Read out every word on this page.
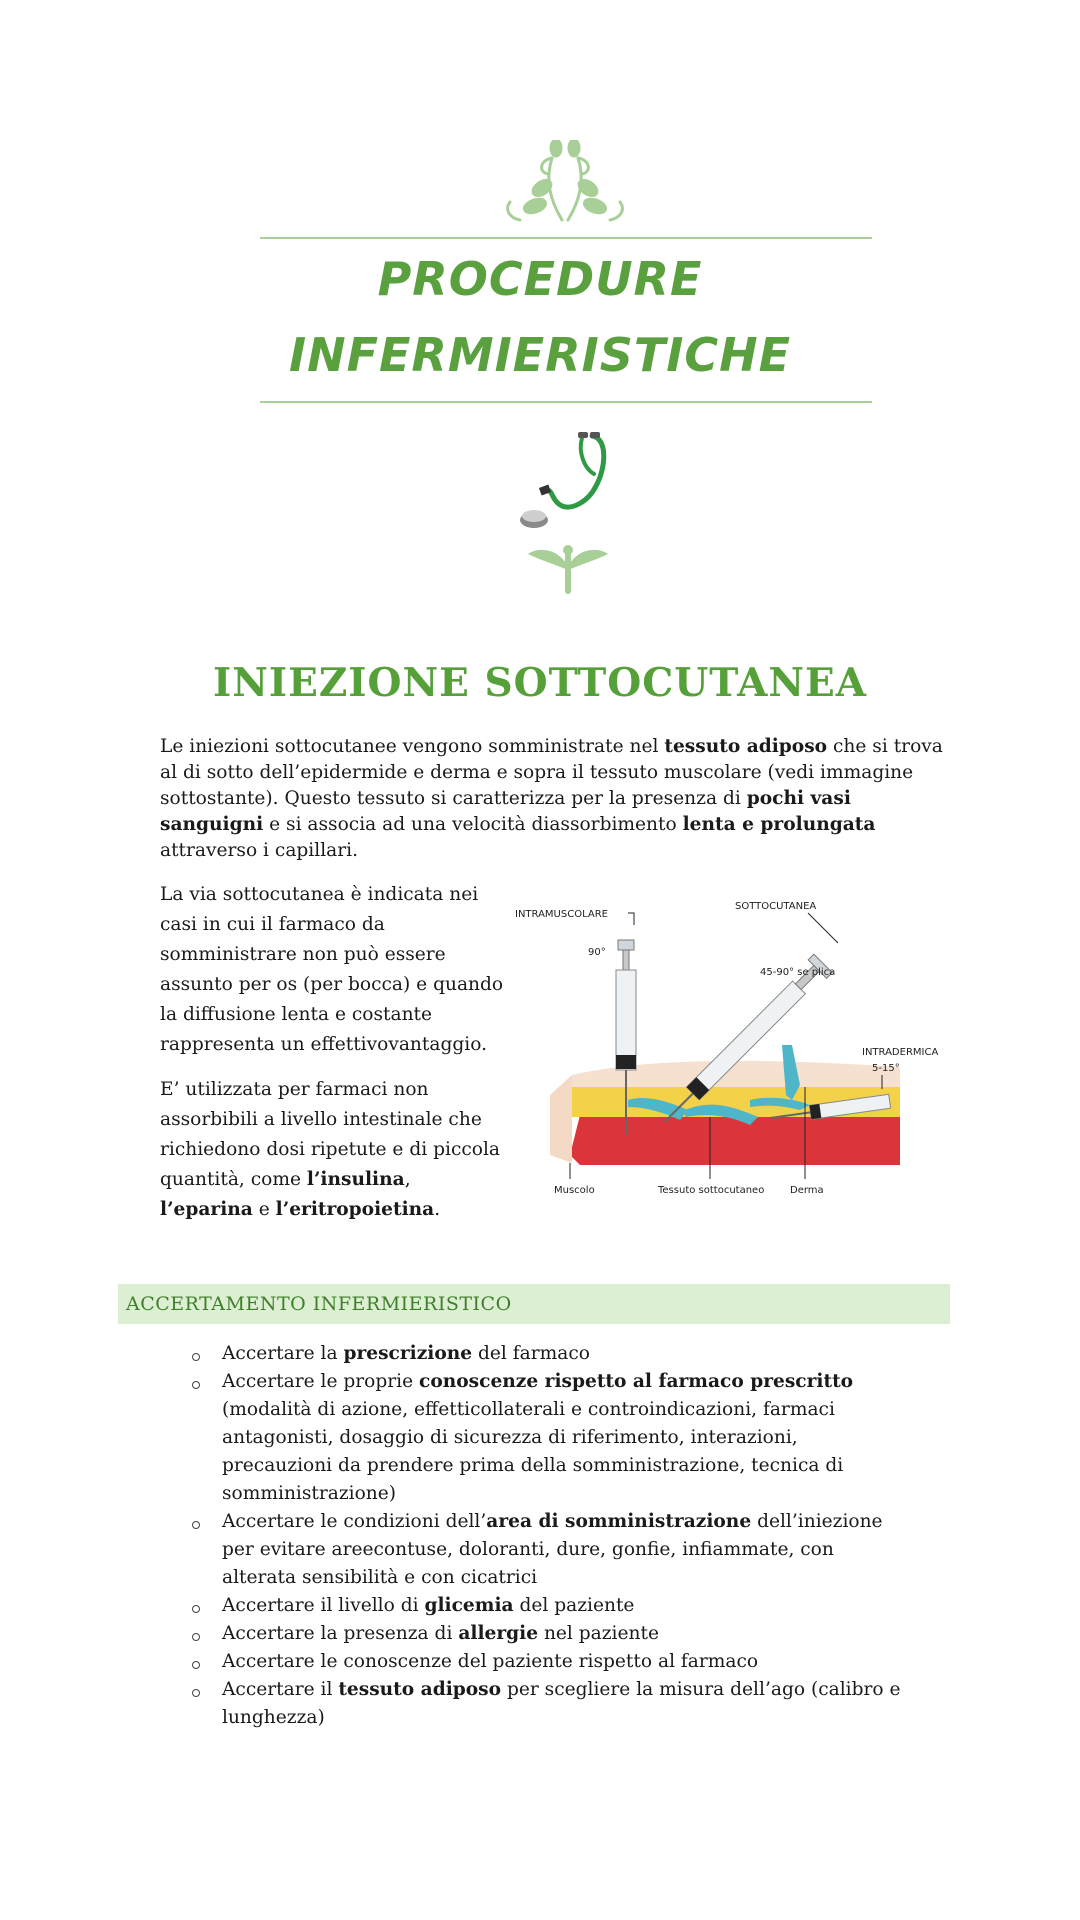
PROCEDURE
INFERMIERISTICHE
INIEZIONE SOTTOCUTANEA
Le iniezioni sottocutanee vengono somministrate nel tessuto adiposo che si trova al di sotto dell’epidermide e derma e sopra il tessuto muscolare (vedi immagine sottostante). Questo tessuto si caratterizza per la presenza di pochi vasi sanguigni e si associa ad una velocità diassorbimento lenta e prolungata attraverso i capillari.
La via sottocutanea è indicata nei casi in cui il farmaco da somministrare non può essere assunto per os (per bocca) e quando la diffusione lenta e costante rappresenta un effettivovantaggio.
E’ utilizzata per farmaci non assorbibili a livello intestinale che richiedono dosi ripetute e di piccola quantità, come l’insulina, l’eparina e l’eritropoietina.
INTRAMUSCOLARE
90°
SOTTOCUTANEA
45-90° se plica
INTRADERMICA
5-15°
Muscolo	Tessuto sottocutaneo	Derma
ACCERTAMENTO INFERMIERISTICO
Accertare la prescrizione del farmaco
Accertare le proprie conoscenze rispetto al farmaco prescritto (modalità di azione, effetticollaterali e controindicazioni, farmaci antagonisti, dosaggio di sicurezza di riferimento, interazioni, precauzioni da prendere prima della somministrazione, tecnica di somministrazione)
Accertare le condizioni dell’area di somministrazione dell’iniezione per evitare areecontuse, doloranti, dure, gonfie, infiammate, con alterata sensibilità e con cicatrici
Accertare il livello di glicemia del paziente
Accertare la presenza di allergie nel paziente
Accertare le conoscenze del paziente rispetto al farmaco
Accertare il tessuto adiposo per scegliere la misura dell’ago (calibro e lunghezza)
